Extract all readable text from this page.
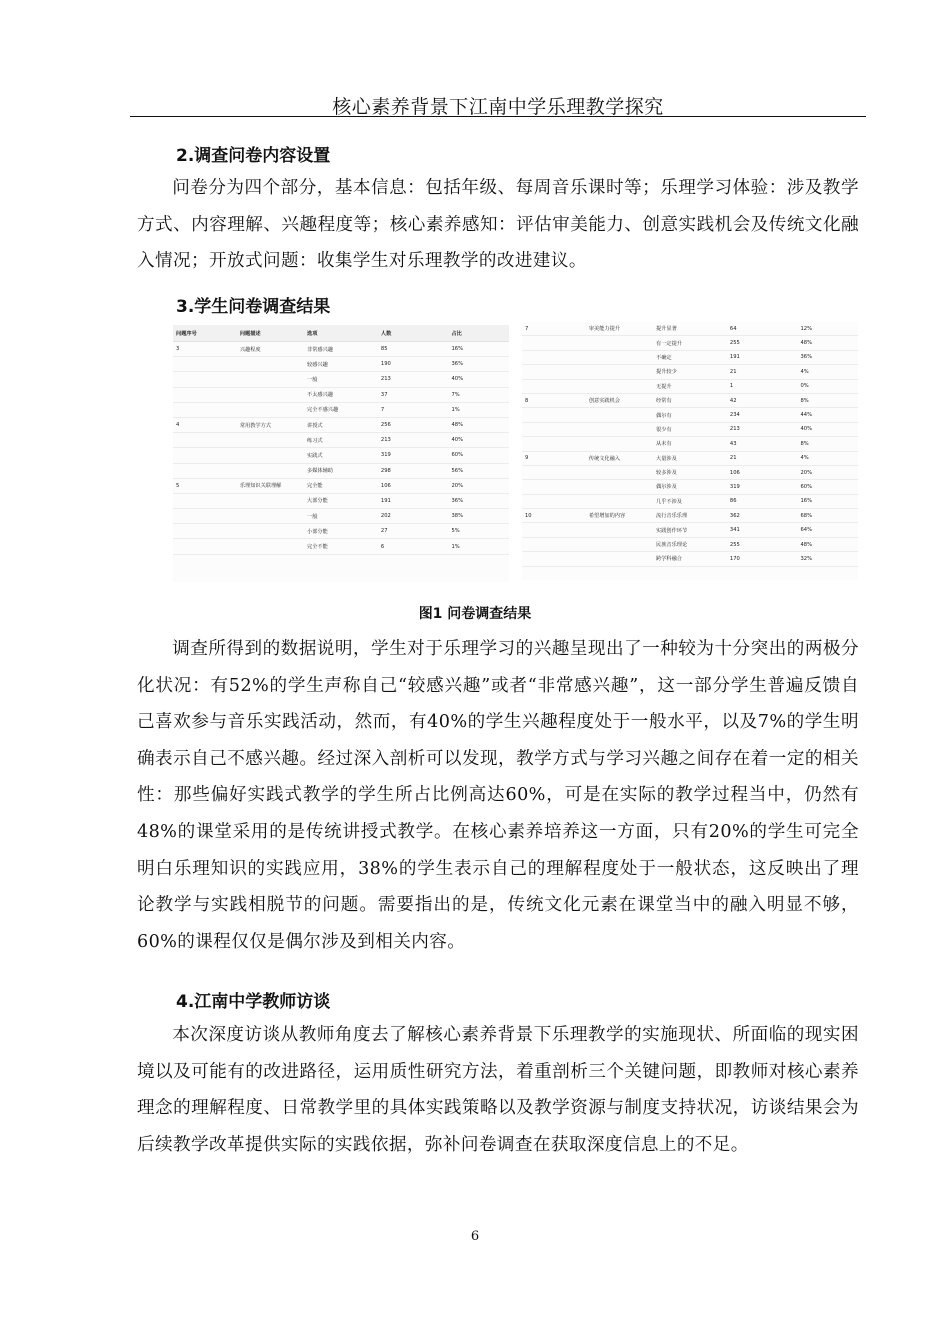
核心素养背景下江南中学乐理教学探究
2.调查问卷内容设置

问卷分为四个部分，基本信息：包括年级、每周音乐课时等；乐理学习体验：涉及教学方式、内容理解、兴趣程度等；核心素养感知：评估审美能力、创意实践机会及传统文化融入情况；开放式问题：收集学生对乐理教学的改进建议。

3.学生问卷调查结果
问题序号	问题描述	选项	人数	占比
3	兴趣程度	非常感兴趣	85	16%
		较感兴趣	190	36%
		一般	213	40%
		不太感兴趣	37	7%
		完全不感兴趣	7	1%
4	常用教学方式	讲授式	256	48%
		练习式	213	40%
		实践式	319	60%
		多媒体辅助	298	56%
5	乐理知识关联理解	完全能	106	20%
		大部分能	191	36%
		一般	202	38%
		小部分能	27	5%
		完全不能	6	1%
7	审美能力提升	提升显著	64	12%
		有一定提升	255	48%
		不确定	191	36%
		提升较少	21	4%
		无提升	1	0%
8	创意实践机会	经常有	42	8%
		偶尔有	234	44%
		很少有	213	40%
		从未有	43	8%
9	传统文化融入	大量涉及	21	4%
		较多涉及	106	20%
		偶尔涉及	319	60%
		几乎不涉及	86	16%
10	希望增加的内容	流行音乐乐理	362	68%
		实践创作环节	341	64%
		民族音乐理论	255	48%
		跨学科融合	170	32%
图1 问卷调查结果

调查所得到的数据说明，学生对于乐理学习的兴趣呈现出了一种较为十分突出的两极分化状况：有52%的学生声称自己“较感兴趣”或者“非常感兴趣”，这一部分学生普遍反馈自己喜欢参与音乐实践活动，然而，有40%的学生兴趣程度处于一般水平，以及7%的学生明确表示自己不感兴趣。经过深入剖析可以发现，教学方式与学习兴趣之间存在着一定的相关性：那些偏好实践式教学的学生所占比例高达60%，可是在实际的教学过程当中，仍然有48%的课堂采用的是传统讲授式教学。在核心素养培养这一方面，只有20%的学生可完全明白乐理知识的实践应用，38%的学生表示自己的理解程度处于一般状态，这反映出了理论教学与实践相脱节的问题。需要指出的是，传统文化元素在课堂当中的融入明显不够，60%的课程仅仅是偶尔涉及到相关内容。

4.江南中学教师访谈

本次深度访谈从教师角度去了解核心素养背景下乐理教学的实施现状、所面临的现实困境以及可能有的改进路径，运用质性研究方法，着重剖析三个关键问题，即教师对核心素养理念的理解程度、日常教学里的具体实践策略以及教学资源与制度支持状况，访谈结果会为后续教学改革提供实际的实践依据，弥补问卷调查在获取深度信息上的不足。

6
